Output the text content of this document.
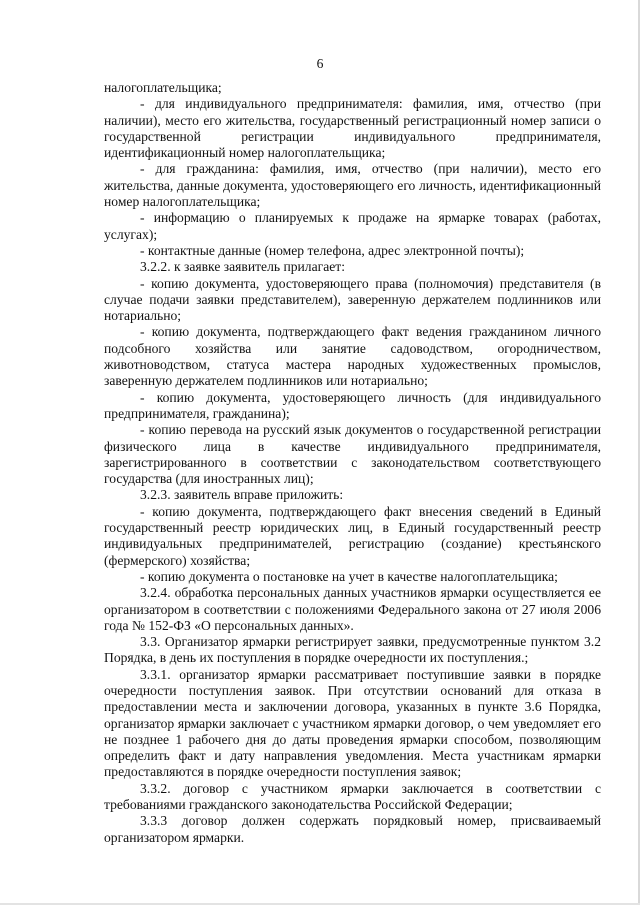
6

налогоплательщика;

- для индивидуального предпринимателя: фамилия, имя, отчество (при наличии), место его жительства, государственный регистрационный номер записи о государственной регистрации индивидуального предпринимателя, идентификационный номер налогоплательщика;

- для гражданина: фамилия, имя, отчество (при наличии), место его жительства, данные документа, удостоверяющего его личность, идентификационный номер налогоплательщика;

- информацию о планируемых к продаже на ярмарке товарах (работах, услугах);

- контактные данные (номер телефона, адрес электронной почты);

3.2.2. к заявке заявитель прилагает:

- копию документа, удостоверяющего права (полномочия) представителя (в случае подачи заявки представителем), заверенную держателем подлинников или нотариально;

- копию документа, подтверждающего факт ведения гражданином личного подсобного хозяйства или занятие садоводством, огородничеством, животноводством, статуса мастера народных художественных промыслов, заверенную держателем подлинников или нотариально;

- копию документа, удостоверяющего личность (для индивидуального предпринимателя, гражданина);

- копию перевода на русский язык документов о государственной регистрации физического лица в качестве индивидуального предпринимателя, зарегистрированного в соответствии с законодательством соответствующего государства (для иностранных лиц);

3.2.3. заявитель вправе приложить:

- копию документа, подтверждающего факт внесения сведений в Единый государственный реестр юридических лиц, в Единый государственный реестр индивидуальных предпринимателей, регистрацию (создание) крестьянского (фермерского) хозяйства;

- копию документа о постановке на учет в качестве налогоплательщика;

3.2.4. обработка персональных данных участников ярмарки осуществляется ее организатором в соответствии с положениями Федерального закона от 27 июля 2006 года № 152-ФЗ «О персональных данных».

3.3. Организатор ярмарки регистрирует заявки, предусмотренные пунктом 3.2 Порядка, в день их поступления в порядке очередности их поступления.;

3.3.1. организатор ярмарки рассматривает поступившие заявки в порядке очередности поступления заявок. При отсутствии оснований для отказа в предоставлении места и заключении договора, указанных в пункте 3.6 Порядка, организатор ярмарки заключает с участником ярмарки договор, о чем уведомляет его не позднее 1 рабочего дня до даты проведения ярмарки способом, позволяющим определить факт и дату направления уведомления. Места участникам ярмарки предоставляются в порядке очередности поступления заявок;

3.3.2. договор с участником ярмарки заключается в соответствии с требованиями гражданского законодательства Российской Федерации;

3.3.3 договор должен содержать порядковый номер, присваиваемый организатором ярмарки.
